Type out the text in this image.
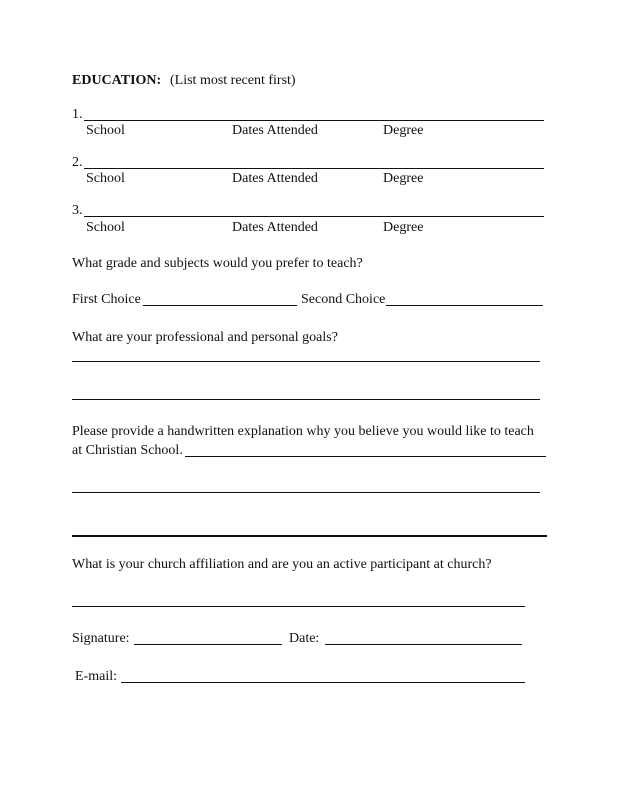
EDUCATION: (List most recent first)
1.
School	Dates Attended	Degree
2.
School	Dates Attended	Degree
3.
School	Dates Attended	Degree
What grade and subjects would you prefer to teach?
First Choice	Second Choice
What are your professional and personal goals?
Please provide a handwritten explanation why you believe you would like to teach
at Christian School.
What is your church affiliation and are you an active participant at church?
Signature:	Date:
E-mail:
